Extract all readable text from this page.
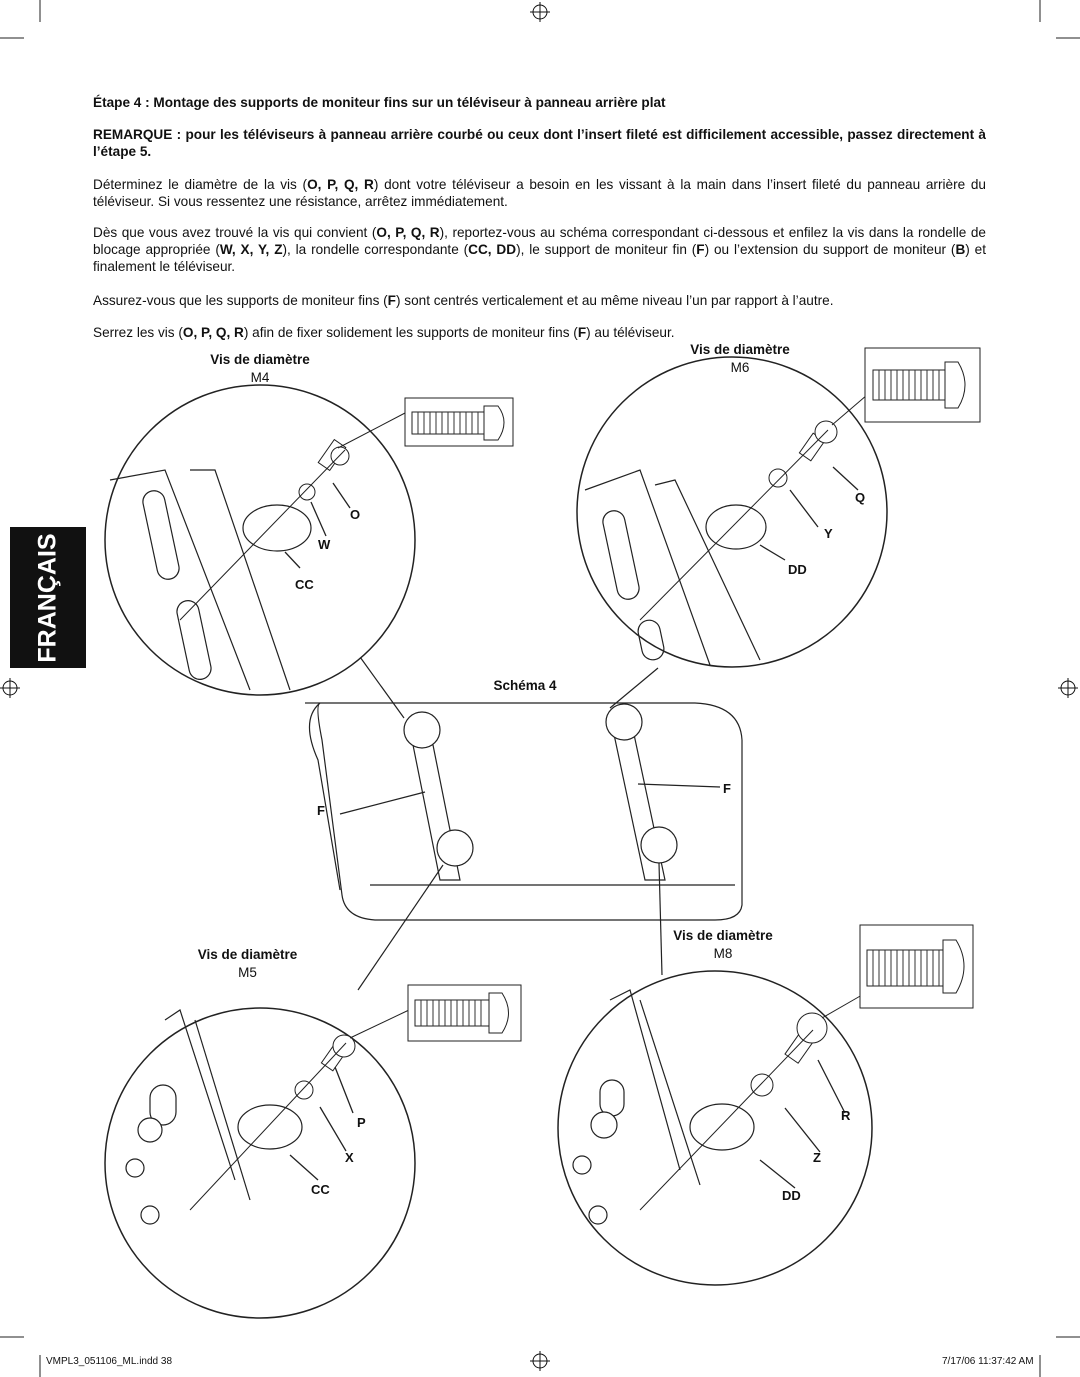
Étape 4 : Montage des supports de moniteur fins sur un téléviseur à panneau arrière plat
REMARQUE : pour les téléviseurs à panneau arrière courbé ou ceux dont l’insert fileté est difficilement accessible, passez directement à l’étape 5.
Déterminez le diamètre de la vis (O, P, Q, R) dont votre téléviseur a besoin en les vissant à la main dans l’insert fileté du panneau arrière du téléviseur. Si vous ressentez une résistance, arrêtez immédiatement.
Dès que vous avez trouvé la vis qui convient (O, P, Q, R), reportez-vous au schéma correspondant ci-dessous et enfilez la vis dans la rondelle de blocage appropriée (W, X, Y, Z), la rondelle correspondante (CC, DD), le support de moniteur fin (F) ou l’extension du support de moniteur (B) et finalement le téléviseur.
Assurez-vous que les supports de moniteur fins (F) sont centrés verticalement et au même niveau l’un par rapport à l’autre.
Serrez les vis (O, P, Q, R) afin de fixer solidement les supports de moniteur fins (F) au téléviseur.
FRANÇAIS
Vis de diamètre
M4
Vis de diamètre
M6
Schéma 4
Vis de diamètre
M5
Vis de diamètre
M8
O
W
CC
Q
Y
DD
F
F
P
X
CC
R
Z
DD
VMPL3_051106_ML.indd 38	7/17/06 11:37:42 AM
